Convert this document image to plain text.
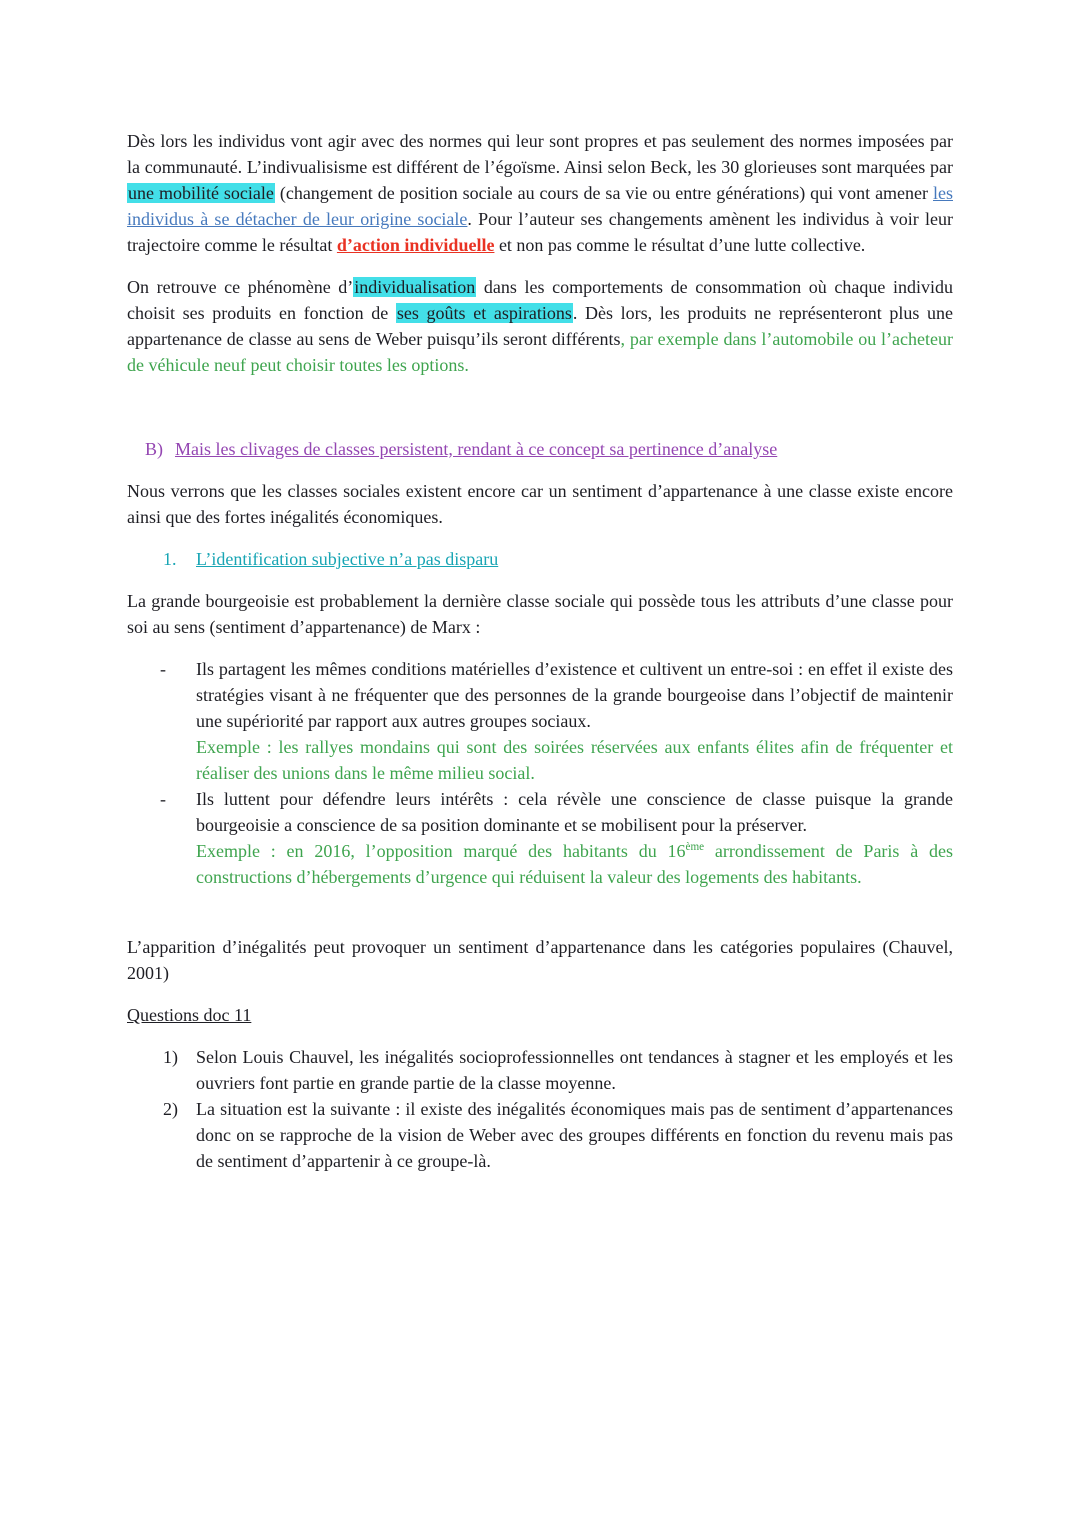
Dès lors les individus vont agir avec des normes qui leur sont propres et pas seulement des normes imposées par la communauté. L’indivualisisme est différent de l’égoïsme. Ainsi selon Beck, les 30 glorieuses sont marquées par une mobilité sociale (changement de position sociale au cours de sa vie ou entre générations) qui vont amener les individus à se détacher de leur origine sociale. Pour l’auteur ses changements amènent les individus à voir leur trajectoire comme le résultat d’action individuelle et non pas comme le résultat d’une lutte collective.

On retrouve ce phénomène d’individualisation dans les comportements de consommation où chaque individu choisit ses produits en fonction de ses goûts et aspirations. Dès lors, les produits ne représenteront plus une appartenance de classe au sens de Weber puisqu’ils seront différents, par exemple dans l’automobile ou l’acheteur de véhicule neuf peut choisir toutes les options.

B) Mais les clivages de classes persistent, rendant à ce concept sa pertinence d’analyse

Nous verrons que les classes sociales existent encore car un sentiment d’appartenance à une classe existe encore ainsi que des fortes inégalités économiques.

1. L’identification subjective n’a pas disparu

La grande bourgeoisie est probablement la dernière classe sociale qui possède tous les attributs d’une classe pour soi au sens (sentiment d’appartenance) de Marx :

- Ils partagent les mêmes conditions matérielles d’existence et cultivent un entre-soi : en effet il existe des stratégies visant à ne fréquenter que des personnes de la grande bourgeoise dans l’objectif de maintenir une supériorité par rapport aux autres groupes sociaux.
Exemple : les rallyes mondains qui sont des soirées réservées aux enfants élites afin de fréquenter et réaliser des unions dans le même milieu social.
- Ils luttent pour défendre leurs intérêts : cela révèle une conscience de classe puisque la grande bourgeoisie a conscience de sa position dominante et se mobilisent pour la préserver.
Exemple : en 2016, l’opposition marqué des habitants du 16ème arrondissement de Paris à des constructions d’hébergements d’urgence qui réduisent la valeur des logements des habitants.

L’apparition d’inégalités peut provoquer un sentiment d’appartenance dans les catégories populaires (Chauvel, 2001)

Questions doc 11

1) Selon Louis Chauvel, les inégalités socioprofessionnelles ont tendances à stagner et les employés et les ouvriers font partie en grande partie de la classe moyenne.
2) La situation est la suivante : il existe des inégalités économiques mais pas de sentiment d’appartenances donc on se rapproche de la vision de Weber avec des groupes différents en fonction du revenu mais pas de sentiment d’appartenir à ce groupe-là.
